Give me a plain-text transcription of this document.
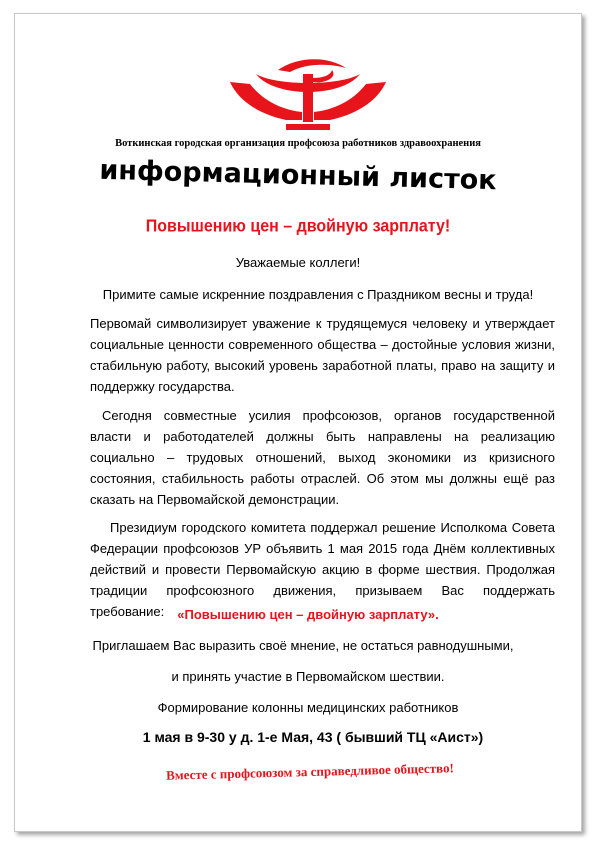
Воткинская городская организация профсоюза работников здравоохранения
информационный листок
Повышению цен – двойную зарплату!
Уважаемые коллеги!
Примите самые искренние поздравления с Праздником весны и труда!
Первомай символизирует уважение к трудящемуся человеку и утверждает социальные ценности современного общества – достойные условия жизни, стабильную работу, высокий уровень заработной платы, право на защиту и поддержку государства.
Сегодня совместные усилия профсоюзов, органов государственной власти и работодателей должны быть направлены на реализацию социально – трудовых отношений, выход экономики из кризисного состояния, стабильность работы отраслей. Об этом мы должны ещё раз сказать на Первомайской демонстрации.
Президиум городского комитета поддержал решение Исполкома Совета Федерации профсоюзов УР объявить 1 мая 2015 года Днём коллективных действий и провести Первомайскую акцию в форме шествия. Продолжая традиции профсоюзного движения, призываем Вас поддержать требование:	«Повышению цен – двойную зарплату».
Приглашаем Вас выразить своё мнение, не остаться равнодушными,
и принять участие в Первомайском шествии.
Формирование колонны медицинских работников
1 мая в 9-30 у д. 1-е Мая, 43 ( бывший ТЦ «Аист»)
Вместе с профсоюзом за справедливое общество!
